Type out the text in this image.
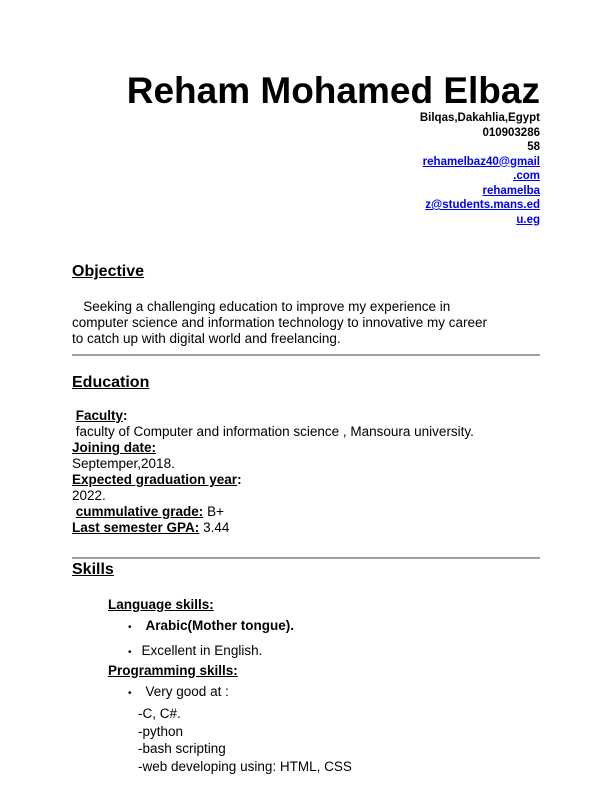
Reham Mohamed Elbaz
Bilqas,Dakahlia,Egypt
010903286
58
rehamelbaz40@gmail
.com
rehamelba
z@students.mans.ed
u.eg
Objective
Seeking a challenging education to improve my experience in
computer science and information technology to innovative my career
to catch up with digital world and freelancing.
Education
Faculty:
faculty of Computer and information science , Mansoura university.
Joining date:
Septemper,2018.
Expected graduation year:
2022.
cummulative grade: B+
Last semester GPA: 3.44
Skills
Language skills:
• Arabic(Mother tongue).
• Excellent in English.
Programming skills:
• Very good at :
-C, C#.
-python
-bash scripting
-web developing using: HTML, CSS
